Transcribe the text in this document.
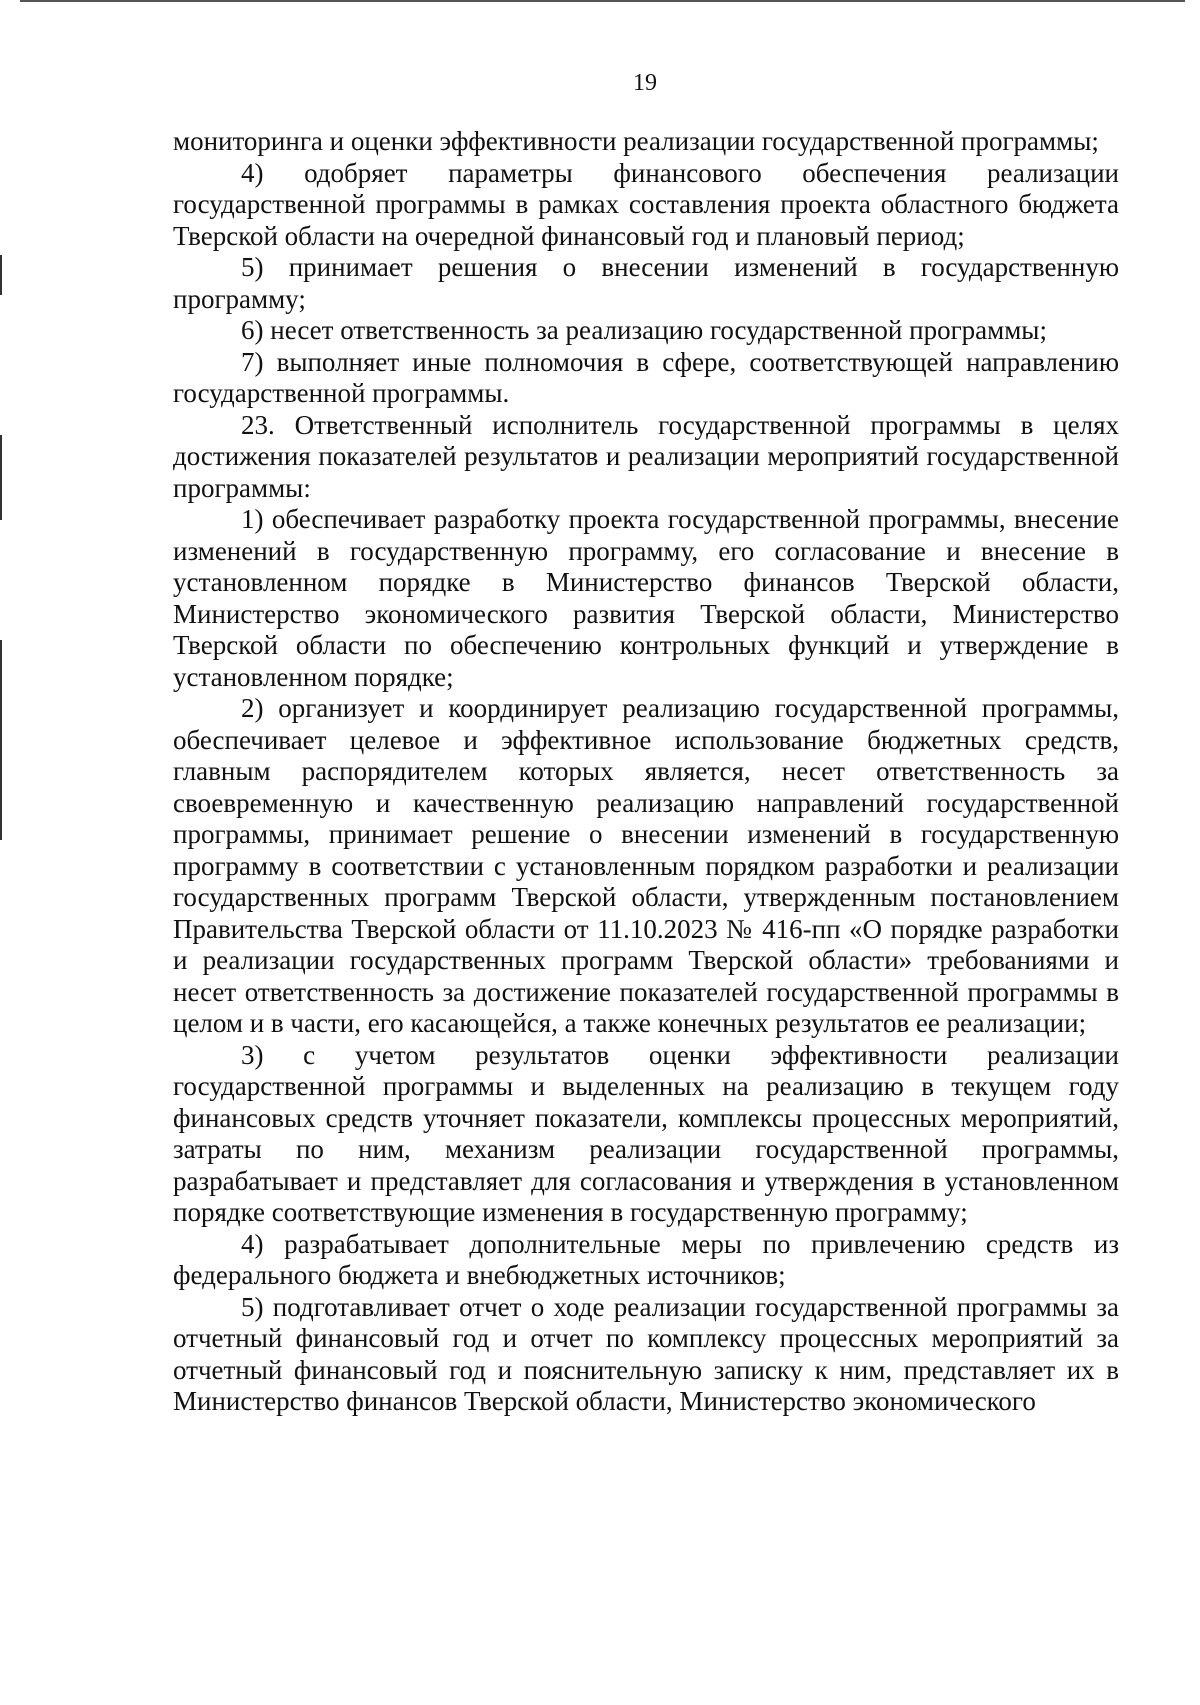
19

мониторинга и оценки эффективности реализации государственной программы;

4) одобряет параметры финансового обеспечения реализации государственной программы в рамках составления проекта областного бюджета Тверской области на очередной финансовый год и плановый период;

5) принимает решения о внесении изменений в государственную программу;

6) несет ответственность за реализацию государственной программы;

7) выполняет иные полномочия в сфере, соответствующей направлению государственной программы.

23. Ответственный исполнитель государственной программы в целях достижения показателей результатов и реализации мероприятий государственной программы:

1) обеспечивает разработку проекта государственной программы, внесение изменений в государственную программу, его согласование и внесение в установленном порядке в Министерство финансов Тверской области, Министерство экономического развития Тверской области, Министерство Тверской области по обеспечению контрольных функций и утверждение в установленном порядке;

2) организует и координирует реализацию государственной программы, обеспечивает целевое и эффективное использование бюджетных средств, главным распорядителем которых является, несет ответственность за своевременную и качественную реализацию направлений государственной программы, принимает решение о внесении изменений в государственную программу в соответствии с установленным порядком разработки и реализации государственных программ Тверской области, утвержденным постановлением Правительства Тверской области от 11.10.2023 № 416-пп «О порядке разработки и реализации государственных программ Тверской области» требованиями и несет ответственность за достижение показателей государственной программы в целом и в части, его касающейся, а также конечных результатов ее реализации;

3) с учетом результатов оценки эффективности реализации государственной программы и выделенных на реализацию в текущем году финансовых средств уточняет показатели, комплексы процессных мероприятий, затраты по ним, механизм реализации государственной программы, разрабатывает и представляет для согласования и утверждения в установленном порядке соответствующие изменения в государственную программу;

4) разрабатывает дополнительные меры по привлечению средств из федерального бюджета и внебюджетных источников;

5) подготавливает отчет о ходе реализации государственной программы за отчетный финансовый год и отчет по комплексу процессных мероприятий за отчетный финансовый год и пояснительную записку к ним, представляет их в Министерство финансов Тверской области, Министерство экономического
